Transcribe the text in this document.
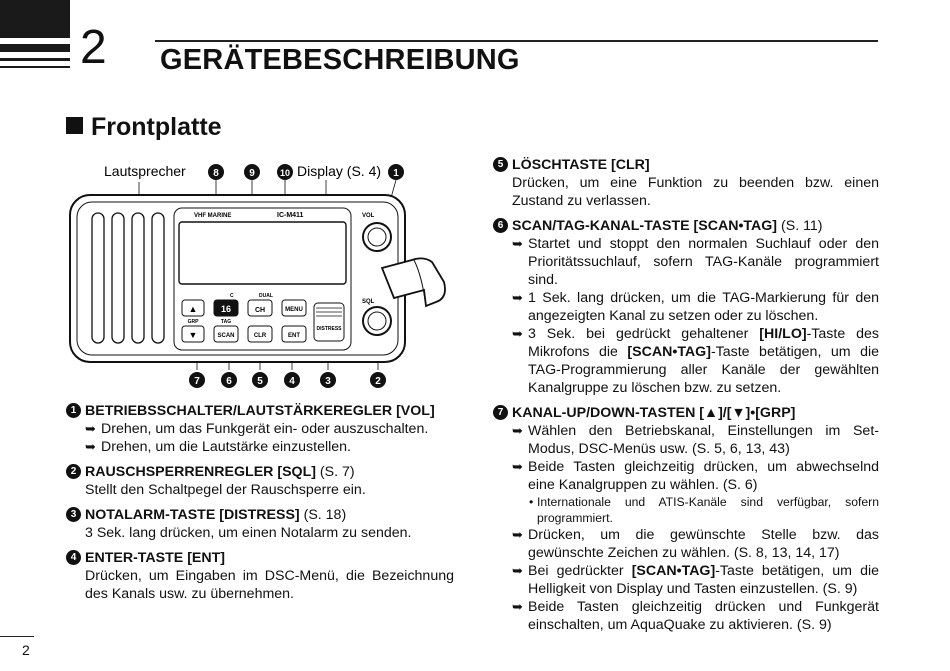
2 GERÄTEBESCHREIBUNG
Frontplatte
Lautsprecher	Display (S. 4)
8	9	10	1
VHF MARINE	IC-M411
C	DUAL
▲
▼
16	CH	MENU
GRP	TAG
SCAN	CLR	ENT
DISTRESS
VOL
SQL
7	6	5	4	3	2
1 BETRIEBSSCHALTER/LAUTSTÄRKEREGLER [VOL]
➥ Drehen, um das Funkgerät ein- oder auszuschalten.
➥ Drehen, um die Lautstärke einzustellen.
2 RAUSCHSPERRENREGLER [SQL] (S. 7)
Stellt den Schaltpegel der Rauschsperre ein.
3 NOTALARM-TASTE [DISTRESS] (S. 18)
3 Sek. lang drücken, um einen Notalarm zu senden.
4 ENTER-TASTE [ENT]
Drücken, um Eingaben im DSC-Menü, die Bezeichnung des Kanals usw. zu übernehmen.
5 LÖSCHTASTE [CLR]
Drücken, um eine Funktion zu beenden bzw. einen Zustand zu verlassen.
6 SCAN/TAG-KANAL-TASTE [SCAN•TAG] (S. 11)
➥ Startet und stoppt den normalen Suchlauf oder den Prioritätssuchlauf, sofern TAG-Kanäle programmiert sind.
➥ 1 Sek. lang drücken, um die TAG-Markierung für den angezeigten Kanal zu setzen oder zu löschen.
➥ 3 Sek. bei gedrückt gehaltener [HI/LO]-Taste des Mikrofons die [SCAN•TAG]-Taste betätigen, um die TAG-Programmierung aller Kanäle der gewählten Kanalgruppe zu löschen bzw. zu setzen.
7 KANAL-UP/DOWN-TASTEN [▲]/[▼]•[GRP]
➥ Wählen den Betriebskanal, Einstellungen im Set-Modus, DSC-Menüs usw. (S. 5, 6, 13, 43)
➥ Beide Tasten gleichzeitig drücken, um abwechselnd eine Kanalgruppen zu wählen. (S. 6)
• Internationale und ATIS-Kanäle sind verfügbar, sofern programmiert.
➥ Drücken, um die gewünschte Stelle bzw. das gewünschte Zeichen zu wählen. (S. 8, 13, 14, 17)
➥ Bei gedrückter [SCAN•TAG]-Taste betätigen, um die Helligkeit von Display und Tasten einzustellen. (S. 9)
➥ Beide Tasten gleichzeitig drücken und Funkgerät einschalten, um AquaQuake zu aktivieren. (S. 9)
2
